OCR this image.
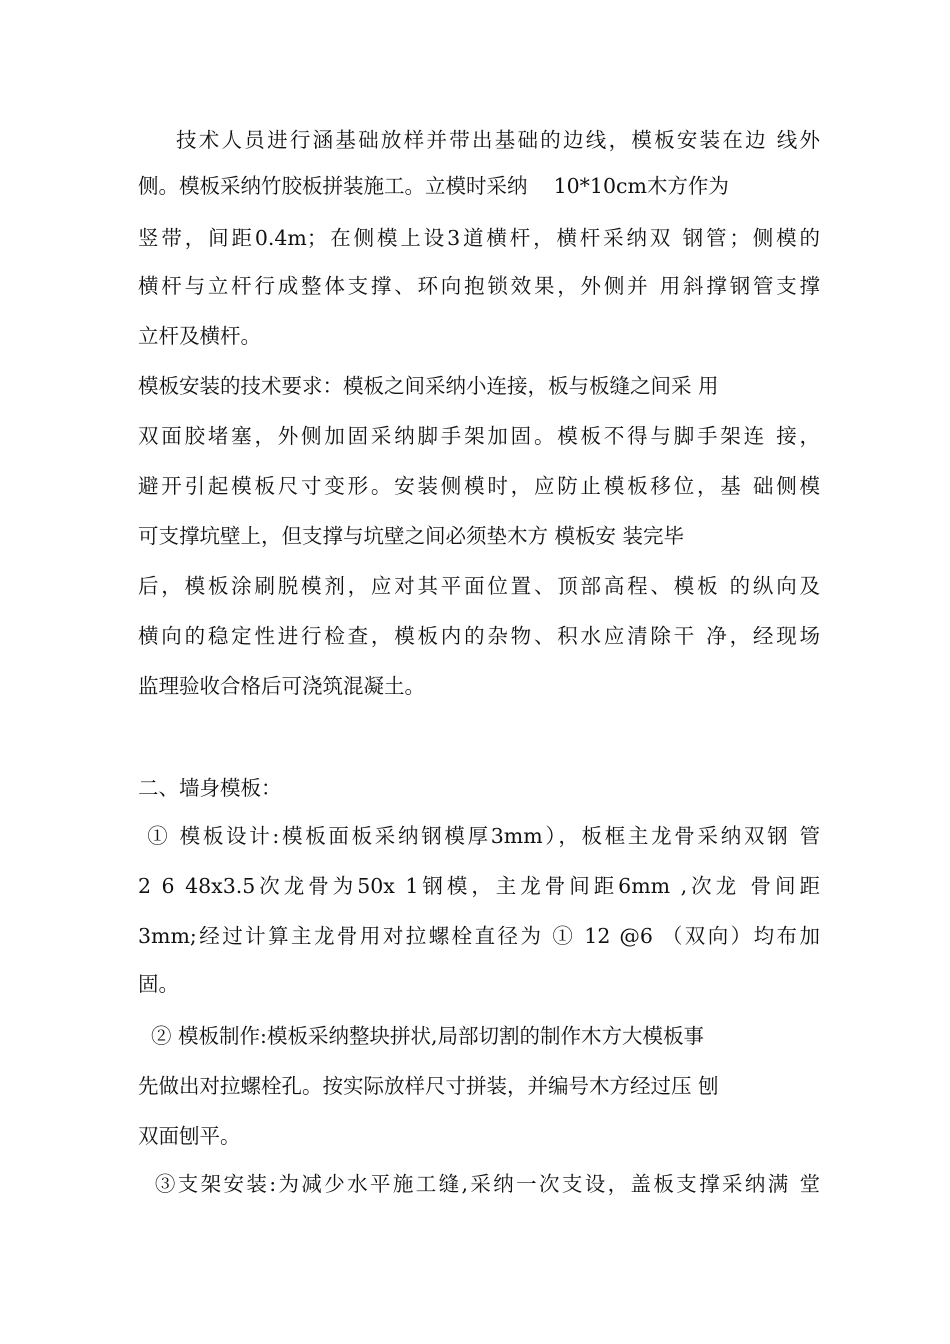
技术人员进行涵基础放样并带出基础的边线，模板安装在边 线外
侧。模板采纳竹胶板拼装施工。立模时采纳    10*10cm木方作为
竖带，间距0.4m；在侧模上设3道横杆，横杆采纳双 钢管；侧模的
横杆与立杆行成整体支撑、环向抱锁效果，外侧并 用斜撑钢管支撑
立杆及横杆。
模板安装的技术要求：模板之间采纳小连接，板与板缝之间采 用
双面胶堵塞，外侧加固采纳脚手架加固。模板不得与脚手架连 接，
避开引起模板尺寸变形。安装侧模时，应防止模板移位，基 础侧模
可支撑坑壁上，但支撑与坑壁之间必须垫木方 模板安 装完毕
后，模板涂刷脱模剂，应对其平面位置、顶部高程、模板 的纵向及
横向的稳定性进行检查，模板内的杂物、积水应清除干 净，经现场
监理验收合格后可浇筑混凝土。
二、墙身模板：
① 模板设计:模板面板采纳钢模厚3mm），板框主龙骨采纳双钢 管
2 6 48x3.5次龙骨为50x 1钢模，主龙骨间距6mm ,次龙 骨间距
3mm;经过计算主龙骨用对拉螺栓直径为 ① 12 @6 （双向）均布加
固。
② 模板制作:模板采纳整块拼状,局部切割的制作木方大模板事
先做出对拉螺栓孔。按实际放样尺寸拼装，并编号木方经过压 刨
双面刨平。
③支架安装:为减少水平施工缝,采纳一次支设，盖板支撑采纳满 堂
